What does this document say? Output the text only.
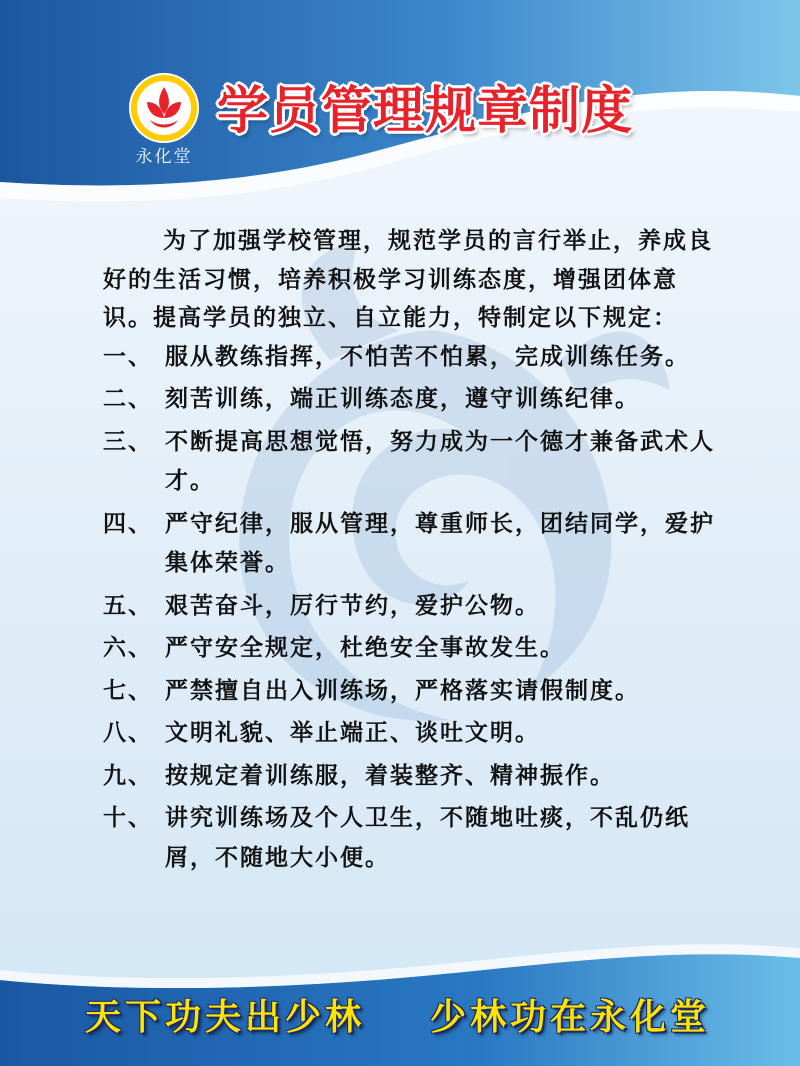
永化堂
学员管理规章制度

为了加强学校管理，规范学员的言行举止，养成良好的生活习惯，培养积极学习训练态度，增强团体意识。提高学员的独立、自立能力，特制定以下规定：

一、 服从教练指挥，不怕苦不怕累，完成训练任务。
二、 刻苦训练，端正训练态度，遵守训练纪律。
三、 不断提高思想觉悟，努力成为一个德才兼备武术人才。
四、 严守纪律，服从管理，尊重师长，团结同学，爱护集体荣誉。
五、 艰苦奋斗，厉行节约，爱护公物。
六、 严守安全规定，杜绝安全事故发生。
七、 严禁擅自出入训练场，严格落实请假制度。
八、 文明礼貌、举止端正、谈吐文明。
九、 按规定着训练服，着装整齐、精神振作。
十、 讲究训练场及个人卫生，不随地吐痰，不乱仍纸屑，不随地大小便。
天下功夫出少林 少林功在永化堂
